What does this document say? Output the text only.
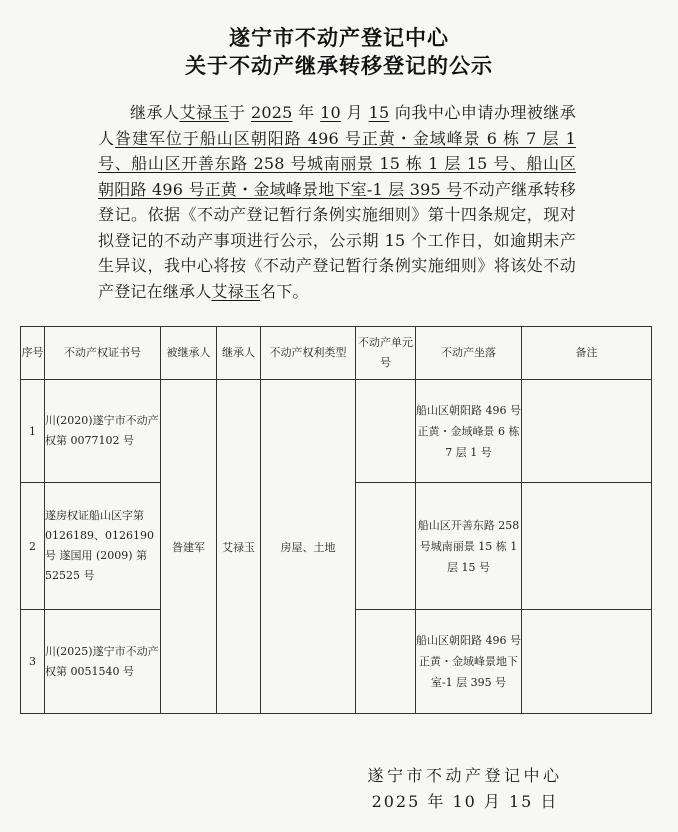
遂宁市不动产登记中心
关于不动产继承转移登记的公示

继承人艾禄玉于 2025 年 10 月 15 向我中心申请办理被继承人昝建军位于船山区朝阳路 496 号正黄・金域峰景 6 栋 7 层 1 号、船山区开善东路 258 号城南丽景 15 栋 1 层 15 号、船山区朝阳路 496 号正黄・金域峰景地下室-1 层 395 号不动产继承转移登记。依据《不动产登记暂行条例实施细则》第十四条规定，现对拟登记的不动产事项进行公示，公示期 15 个工作日，如逾期未产生异议，我中心将按《不动产登记暂行条例实施细则》将该处不动产登记在继承人艾禄玉名下。

序号	不动产权证书号	被继承人	继承人	不动产权利类型	不动产单元号	不动产坐落	备注
1	川(2020)遂宁市不动产权第 0077102 号	昝建军	艾禄玉	房屋、土地		船山区朝阳路 496 号正黄・金域峰景 6 栋 7 层 1 号	
2	遂房权证船山区字第 0126189、0126190 号 遂国用 (2009) 第 52525 号					船山区开善东路 258 号城南丽景 15 栋 1 层 15 号	
3	川(2025)遂宁市不动产权第 0051540 号					船山区朝阳路 496 号正黄・金域峰景地下室-1 层 395 号	
遂宁市不动产登记中心
2025 年 10 月 15 日
